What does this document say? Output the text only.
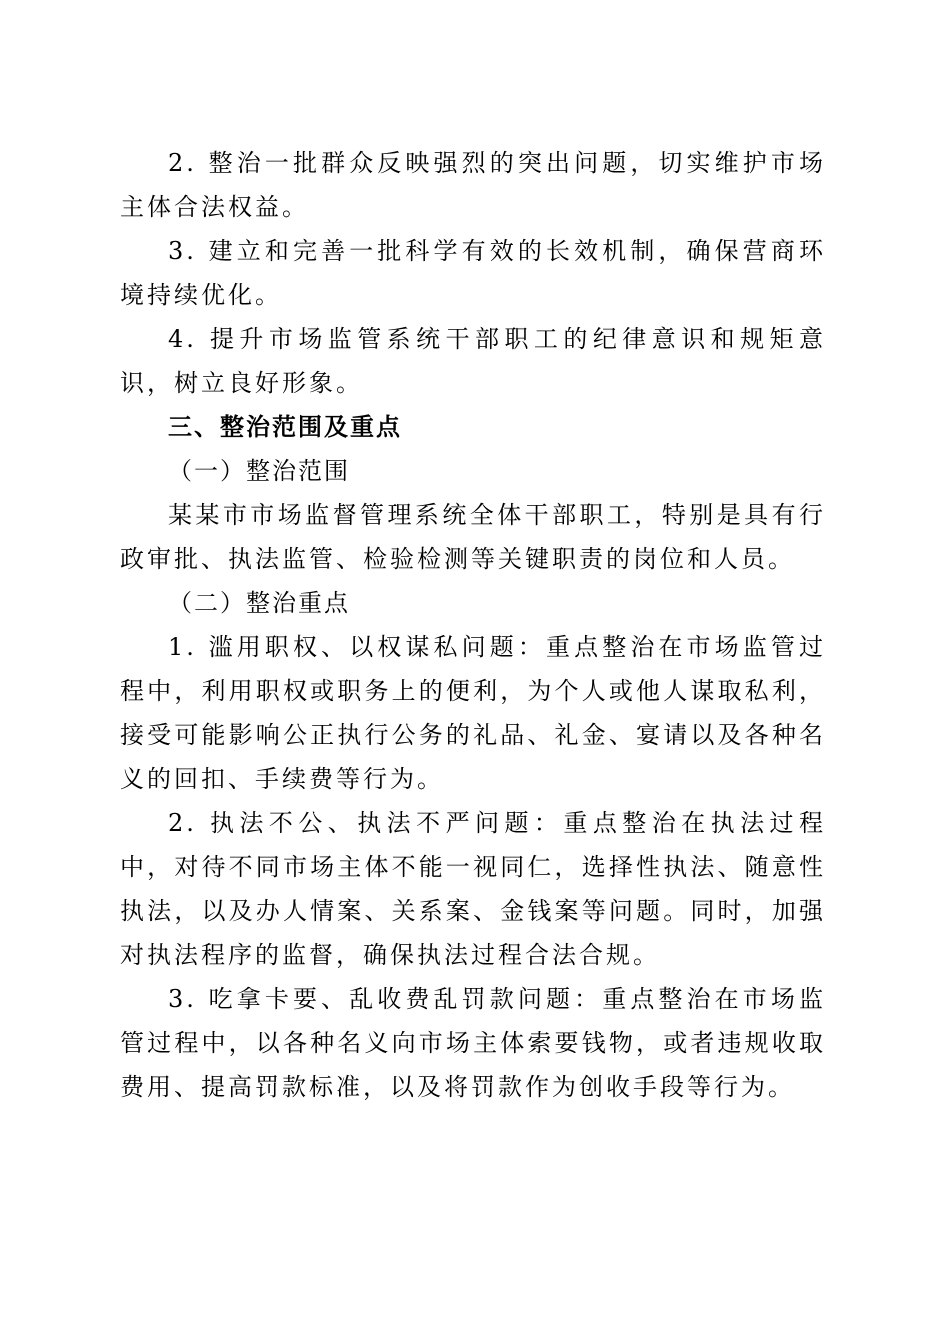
2. 整治一批群众反映强烈的突出问题，切实维护市场主体合法权益。

3. 建立和完善一批科学有效的长效机制，确保营商环境持续优化。

4. 提升市场监管系统干部职工的纪律意识和规矩意识，树立良好形象。

三、整治范围及重点

（一）整治范围

某某市市场监督管理系统全体干部职工，特别是具有行政审批、执法监管、检验检测等关键职责的岗位和人员。

（二）整治重点

1. 滥用职权、以权谋私问题：重点整治在市场监管过程中，利用职权或职务上的便利，为个人或他人谋取私利，接受可能影响公正执行公务的礼品、礼金、宴请以及各种名义的回扣、手续费等行为。

2. 执法不公、执法不严问题：重点整治在执法过程中，对待不同市场主体不能一视同仁，选择性执法、随意性执法，以及办人情案、关系案、金钱案等问题。同时，加强对执法程序的监督，确保执法过程合法合规。

3. 吃拿卡要、乱收费乱罚款问题：重点整治在市场监管过程中，以各种名义向市场主体索要钱物，或者违规收取费用、提高罚款标准，以及将罚款作为创收手段等行为。
